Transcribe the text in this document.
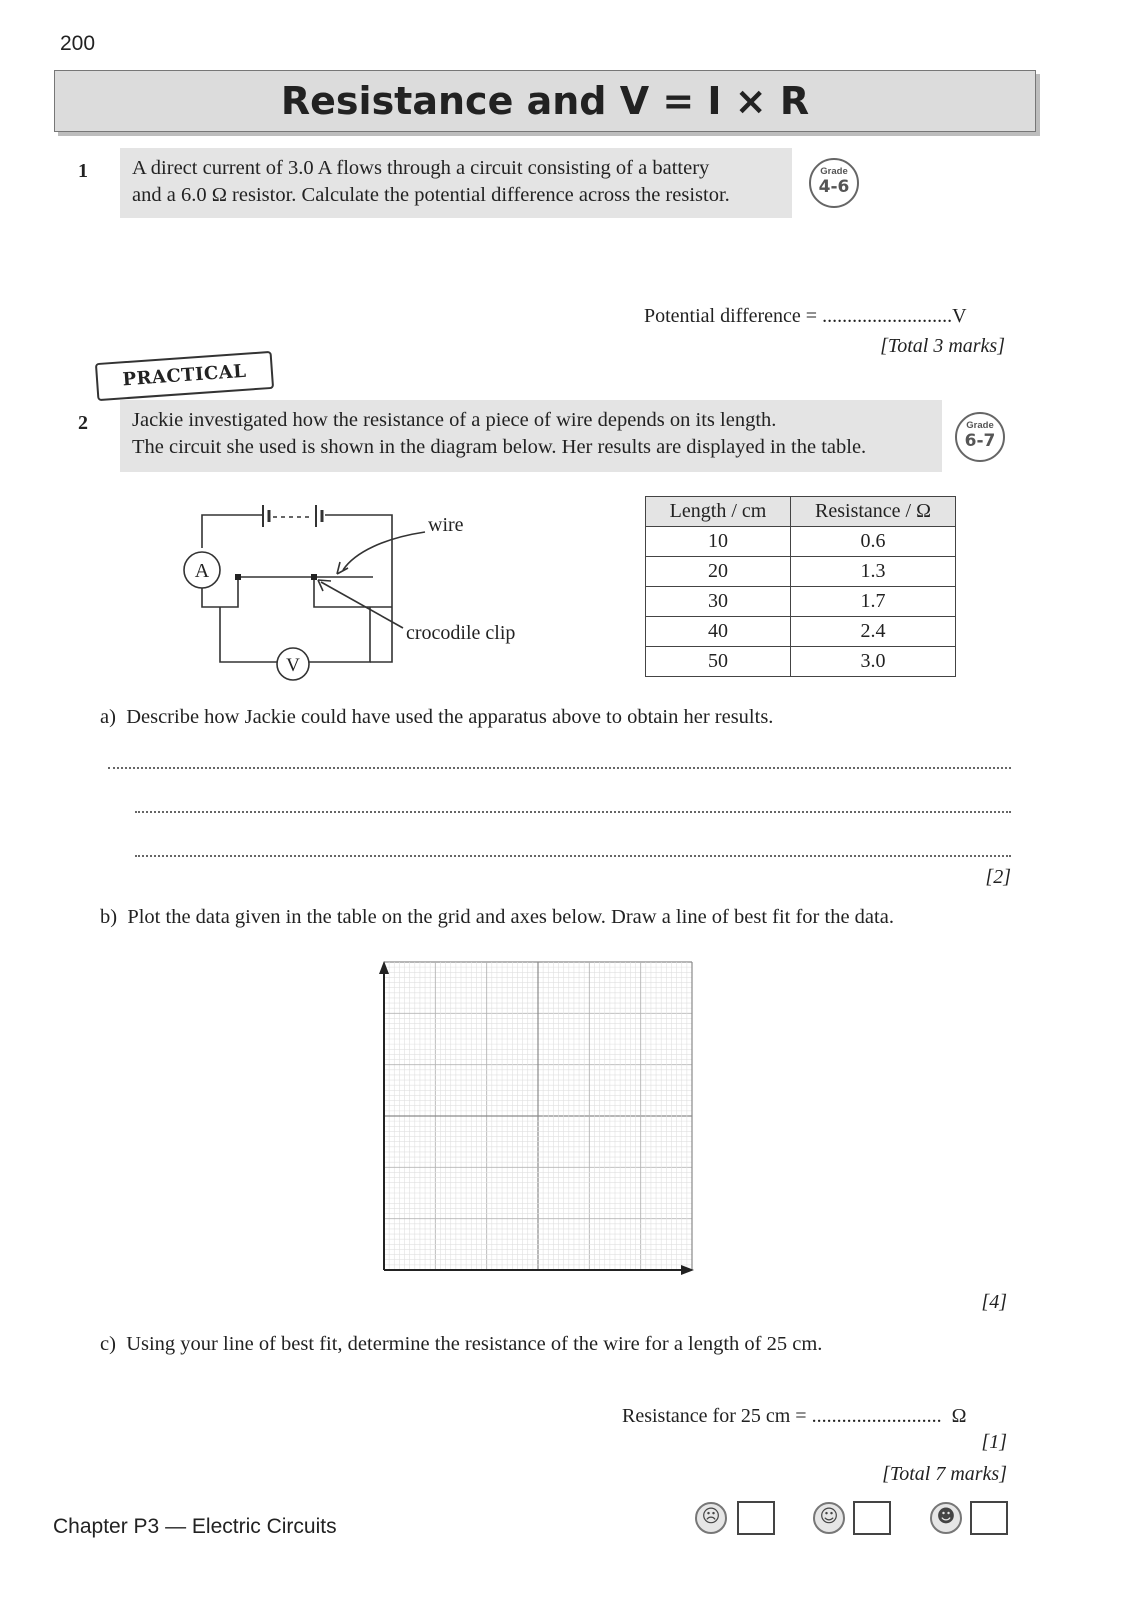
200
Resistance and V = I × R
1 A direct current of 3.0 A flows through a circuit consisting of a battery
and a 6.0 Ω resistor. Calculate the potential difference across the resistor.
Grade
4-6
Potential difference = ..........................V
[Total 3 marks]
PRACTICAL
2 Jackie investigated how the resistance of a piece of wire depends on its length.
The circuit she used is shown in the diagram below. Her results are displayed in the table.
Grade
6-7
A
V
wire
crocodile clip
Length / cm	Resistance / Ω
10	0.6
20	1.3
30	1.7
40	2.4
50	3.0
a) Describe how Jackie could have used the apparatus above to obtain her results.
[2]
b) Plot the data given in the table on the grid and axes below. Draw a line of best fit for the data.
[4]
c) Using your line of best fit, determine the resistance of the wire for a length of 25 cm.
Resistance for 25 cm = .......................... Ω
[1]
[Total 7 marks]
Chapter P3 — Electric Circuits	☹	☺	☻
